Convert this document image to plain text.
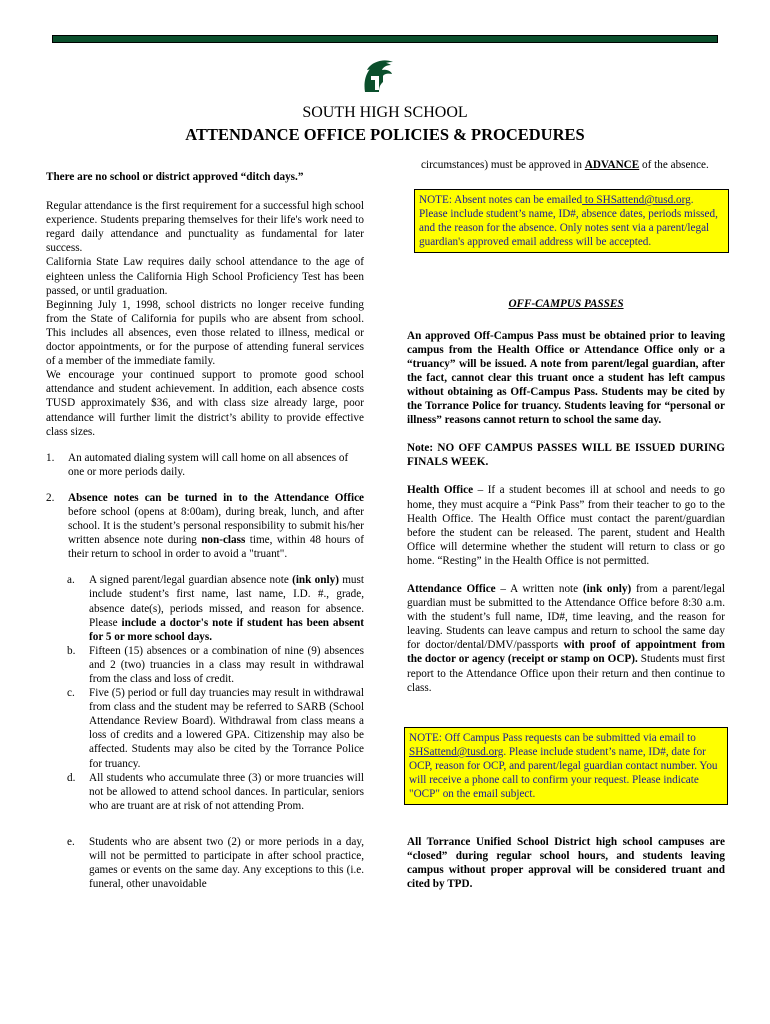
SOUTH HIGH SCHOOL
ATTENDANCE OFFICE POLICIES & PROCEDURES

There are no school or district approved “ditch days.”

Regular attendance is the first requirement for a successful high school experience. Students preparing themselves for their life's work need to regard daily attendance and punctuality as fundamental for later success.

California State Law requires daily school attendance to the age of eighteen unless the California High School Proficiency Test has been passed, or until graduation.

Beginning July 1, 1998, school districts no longer receive funding from the State of California for pupils who are absent from school. This includes all absences, even those related to illness, medical or doctor appointments, or for the purpose of attending funeral services of a member of the immediate family.

We encourage your continued support to promote good school attendance and student achievement. In addition, each absence costs TUSD approximately $36, and with class size already large, poor attendance will further limit the district’s ability to provide effective class sizes.

1.	An automated dialing system will call home on all absences of one or more periods daily.
2.	Absence notes can be turned in to the Attendance Office before school (opens at 8:00am), during break, lunch, and after school. It is the student’s personal responsibility to submit his/her written absence note during non-class time, within 48 hours of their return to school in order to avoid a "truant".
a.	A signed parent/legal guardian absence note (ink only) must include student’s first name, last name, I.D. #., grade, absence date(s), periods missed, and reason for absence. Please include a doctor's note if student has been absent for 5 or more school days.
b.	Fifteen (15) absences or a combination of nine (9) absences and 2 (two) truancies in a class may result in withdrawal from the class and loss of credit.
c.	Five (5) period or full day truancies may result in withdrawal from class and the student may be referred to SARB (School Attendance Review Board). Withdrawal from class means a loss of credits and a lowered GPA. Citizenship may also be affected. Students may also be cited by the Torrance Police for truancy.
d.	All students who accumulate three (3) or more truancies will not be allowed to attend school dances. In particular, seniors who are truant are at risk of not attending Prom.
e.	Students who are absent two (2) or more periods in a day, will not be permitted to participate in after school practice, games or events on the same day. Any exceptions to this (i.e. funeral, other unavoidable

circumstances) must be approved in ADVANCE of the absence.

NOTE: Absent notes can be emailed to SHSattend@tusd.org. Please include student’s name, ID#, absence dates, periods missed, and the reason for the absence. Only notes sent via a parent/legal guardian's approved email address will be accepted.

OFF-CAMPUS PASSES

An approved Off-Campus Pass must be obtained prior to leaving campus from the Health Office or Attendance Office only or a “truancy” will be issued. A note from parent/legal guardian, after the fact, cannot clear this truant once a student has left campus without obtaining as Off-Campus Pass. Students may be cited by the Torrance Police for truancy. Students leaving for “personal or illness” reasons cannot return to school the same day.

Note: NO OFF CAMPUS PASSES WILL BE ISSUED DURING FINALS WEEK.

Health Office – If a student becomes ill at school and needs to go home, they must acquire a “Pink Pass” from their teacher to go to the Health Office. The Health Office must contact the parent/guardian before the student can be released. The parent, student and Health Office will determine whether the student will return to class or go home. “Resting” in the Health Office is not permitted.

Attendance Office – A written note (ink only) from a parent/legal guardian must be submitted to the Attendance Office before 8:30 a.m. with the student’s full name, ID#, time leaving, and the reason for leaving. Students can leave campus and return to school the same day for doctor/dental/DMV/passports with proof of appointment from the doctor or agency (receipt or stamp on OCP). Students must first report to the Attendance Office upon their return and then continue to class.

NOTE: Off Campus Pass requests can be submitted via email to SHSattend@tusd.org. Please include student’s name, ID#, date for OCP, reason for OCP, and parent/legal guardian contact number. You will receive a phone call to confirm your request. Please indicate "OCP" on the email subject.

All Torrance Unified School District high school campuses are “closed” during regular school hours, and students leaving campus without proper approval will be considered truant and cited by TPD.
